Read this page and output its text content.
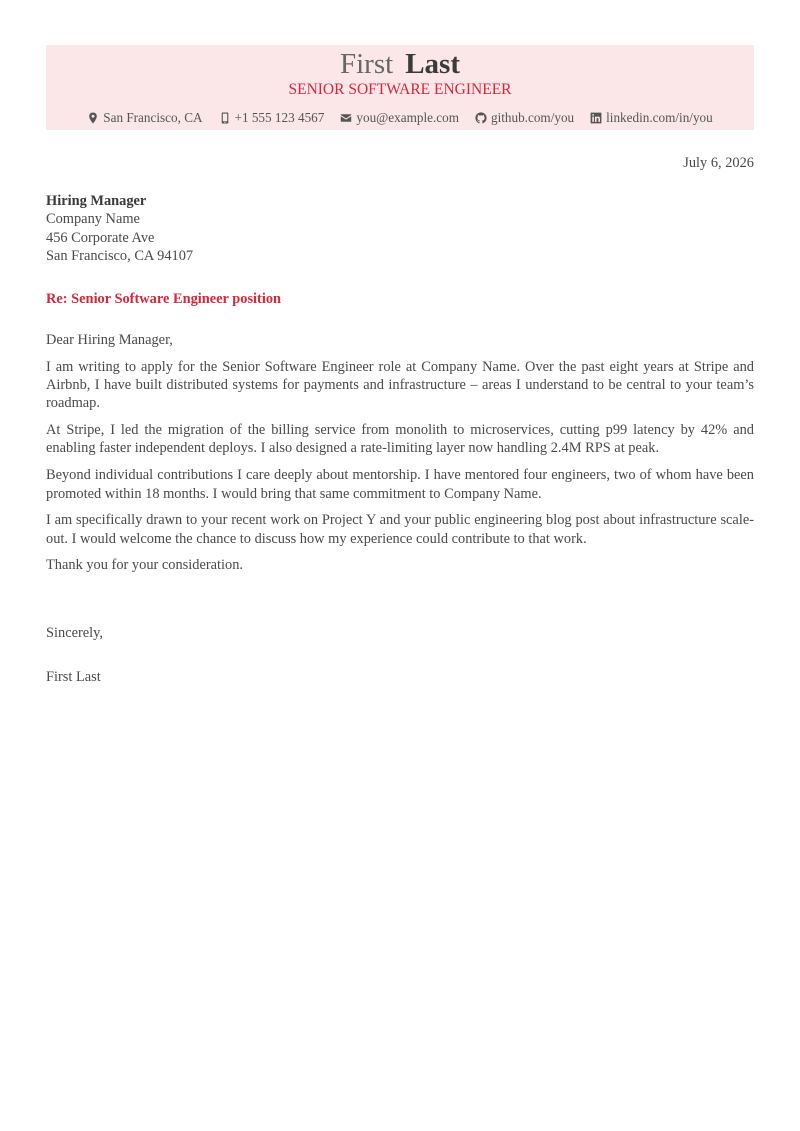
First Last
SENIOR SOFTWARE ENGINEER
San Francisco, CA +1 555 123 4567 you@example.com github.com/you linkedin.com/in/you
July 6, 2026
Hiring Manager
Company Name
456 Corporate Ave
San Francisco, CA 94107
Re: Senior Software Engineer position

Dear Hiring Manager,

I am writing to apply for the Senior Software Engineer role at Company Name. Over the past eight years at Stripe and Airbnb, I have built distributed systems for payments and infrastructure – areas I understand to be central to your team’s roadmap.

At Stripe, I led the migration of the billing service from monolith to microservices, cutting p99 latency by 42% and enabling faster independent deploys. I also designed a rate-limiting layer now handling 2.4M RPS at peak.

Beyond individual contributions I care deeply about mentorship. I have mentored four engineers, two of whom have been promoted within 18 months. I would bring that same commitment to Company Name.

I am specifically drawn to your recent work on Project Y and your public engineering blog post about infrastructure scale-out. I would welcome the chance to discuss how my experience could contribute to that work.

Thank you for your consideration.

Sincerely,
First Last
